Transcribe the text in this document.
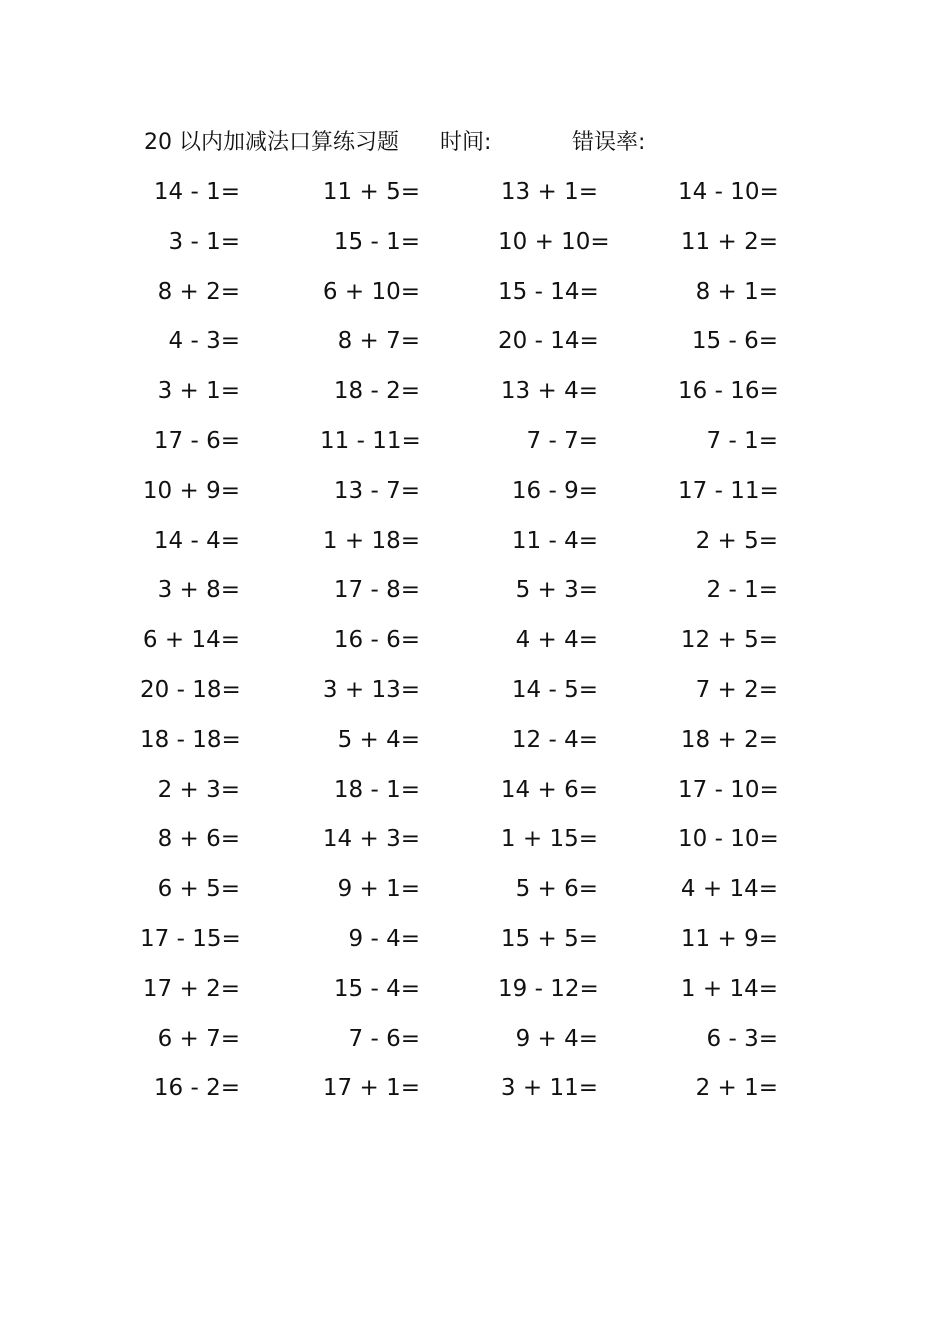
20 以内加减法口算练习题 时间:	错误率:
14 - 1=	11 + 5=	13 + 1=	14 - 10=
3 - 1=	15 - 1=	10 + 10=	11 + 2=
8 + 2=	6 + 10=	15 - 14=	8 + 1=
4 - 3=	8 + 7=	20 - 14=	15 - 6=
3 + 1=	18 - 2=	13 + 4=	16 - 16=
17 - 6=	11 - 11=	7 - 7=	7 - 1=
10 + 9=	13 - 7=	16 - 9=	17 - 11=
14 - 4=	1 + 18=	11 - 4=	2 + 5=
3 + 8=	17 - 8=	5 + 3=	2 - 1=
6 + 14=	16 - 6=	4 + 4=	12 + 5=
20 - 18=	3 + 13=	14 - 5=	7 + 2=
18 - 18=	5 + 4=	12 - 4=	18 + 2=
2 + 3=	18 - 1=	14 + 6=	17 - 10=
8 + 6=	14 + 3=	1 + 15=	10 - 10=
6 + 5=	9 + 1=	5 + 6=	4 + 14=
17 - 15=	9 - 4=	15 + 5=	11 + 9=
17 + 2=	15 - 4=	19 - 12=	1 + 14=
6 + 7=	7 - 6=	9 + 4=	6 - 3=
16 - 2=	17 + 1=	3 + 11=	2 + 1=
